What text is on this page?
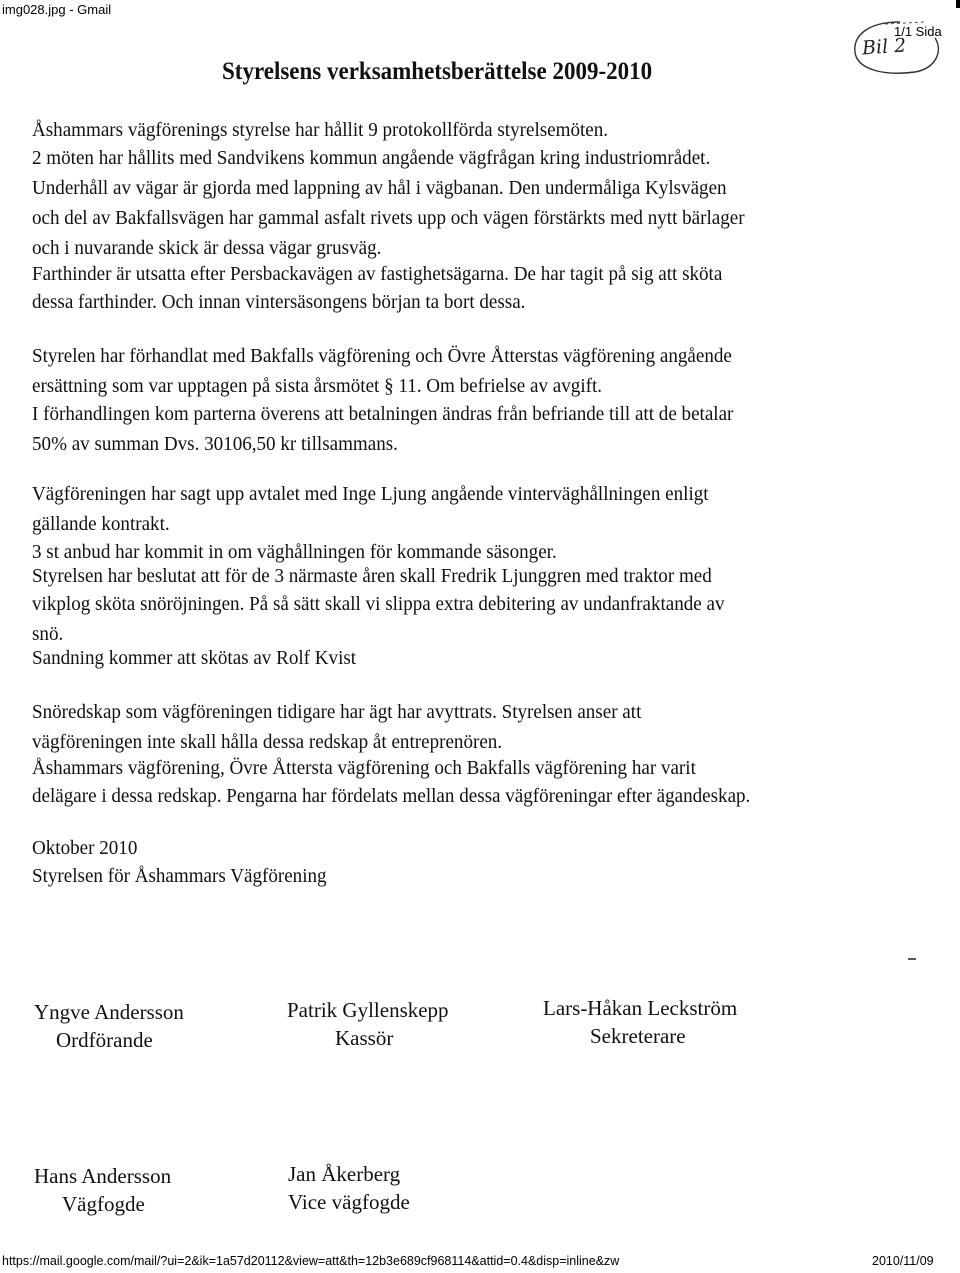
img028.jpg - Gmail
1/1 Sida
Bil 2
Styrelsens verksamhetsberättelse 2009-2010
Åshammars vägförenings styrelse har hållit 9 protokollförda styrelsemöten.
2 möten har hållits med Sandvikens kommun angående vägfrågan kring industriområdet.
Underhåll av vägar är gjorda med lappning av hål i vägbanan. Den undermåliga Kylsvägen
och del av Bakfallsvägen har gammal asfalt rivets upp och vägen förstärkts med nytt bärlager
och i nuvarande skick är dessa vägar grusväg.
Farthinder är utsatta efter Persbackavägen av fastighetsägarna. De har tagit på sig att sköta
dessa farthinder. Och innan vintersäsongens början ta bort dessa.
Styrelen har förhandlat med Bakfalls vägförening och Övre Åtterstas vägförening angående
ersättning som var upptagen på sista årsmötet § 11. Om befrielse av avgift.
I förhandlingen kom parterna överens att betalningen ändras från befriande till att de betalar
50% av summan Dvs. 30106,50 kr tillsammans.
Vägföreningen har sagt upp avtalet med Inge Ljung angående vinterväghållningen enligt
gällande kontrakt.
3 st anbud har kommit in om väghållningen för kommande säsonger.
Styrelsen har beslutat att för de 3 närmaste åren skall Fredrik Ljunggren med traktor med
vikplog sköta snöröjningen. På så sätt skall vi slippa extra debitering av undanfraktande av
snö.
Sandning kommer att skötas av Rolf Kvist
Snöredskap som vägföreningen tidigare har ägt har avyttrats. Styrelsen anser att
vägföreningen inte skall hålla dessa redskap åt entreprenören.
Åshammars vägförening, Övre Åttersta vägförening och Bakfalls vägförening har varit
delägare i dessa redskap. Pengarna har fördelats mellan dessa vägföreningar efter ägandeskap.
Oktober 2010
Styrelsen för Åshammars Vägförening
Yngve Andersson
Ordförande
Patrik Gyllenskepp
Kassör
Lars-Håkan Leckström
Sekreterare
Hans Andersson
Vägfogde
Jan Åkerberg
Vice vägfogde
https://mail.google.com/mail/?ui=2&ik=1a57d20112&view=att&th=12b3e689cf968114&attid=0.4&disp=inline&zw	2010/11/09
